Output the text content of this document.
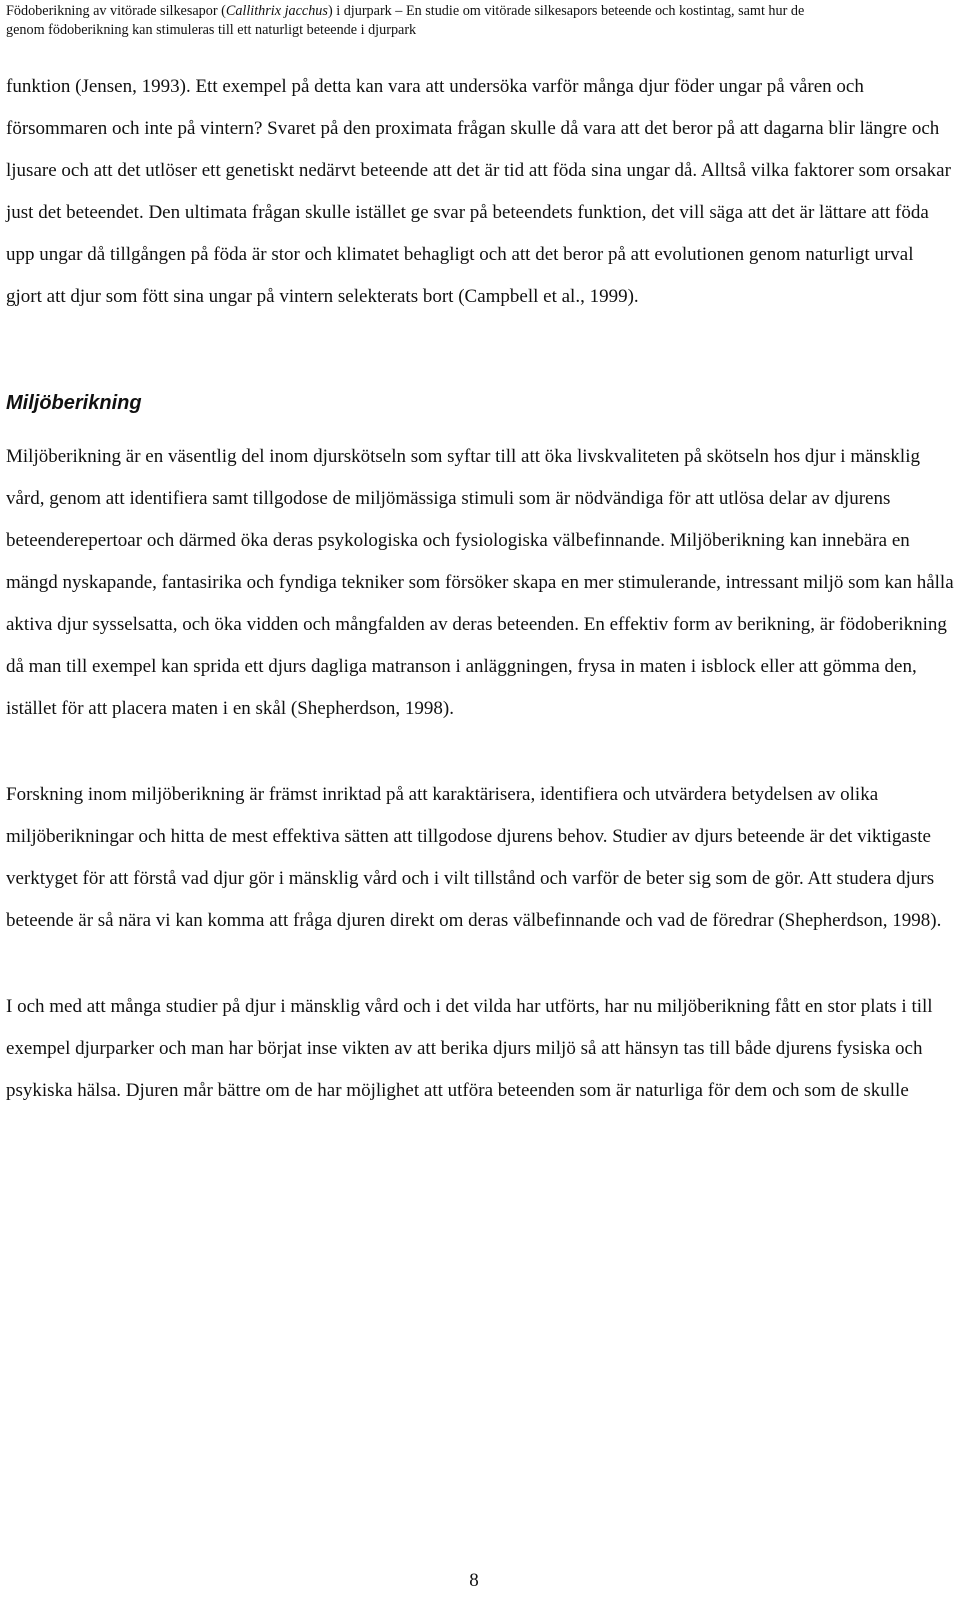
Födoberikning av vitörade silkesapor (Callithrix jacchus) i djurpark – En studie om vitörade silkesapors beteende och kostintag, samt hur de
genom födoberikning kan stimuleras till ett naturligt beteende i djurpark

funktion (Jensen, 1993). Ett exempel på detta kan vara att undersöka varför många djur föder ungar på våren och försommaren och inte på vintern? Svaret på den proximata frågan skulle då vara att det beror på att dagarna blir längre och ljusare och att det utlöser ett genetiskt nedärvt beteende att det är tid att föda sina ungar då. Alltså vilka faktorer som orsakar just det beteendet. Den ultimata frågan skulle istället ge svar på beteendets funktion, det vill säga att det är lättare att föda upp ungar då tillgången på föda är stor och klimatet behagligt och att det beror på att evolutionen genom naturligt urval gjort att djur som fött sina ungar på vintern selekterats bort (Campbell et al., 1999).

Miljöberikning

Miljöberikning är en väsentlig del inom djurskötseln som syftar till att öka livskvaliteten på skötseln hos djur i mänsklig vård, genom att identifiera samt tillgodose de miljömässiga stimuli som är nödvändiga för att utlösa delar av djurens beteenderepertoar och därmed öka deras psykologiska och fysiologiska välbefinnande. Miljöberikning kan innebära en mängd nyskapande, fantasirika och fyndiga tekniker som försöker skapa en mer stimulerande, intressant miljö som kan hålla aktiva djur sysselsatta, och öka vidden och mångfalden av deras beteenden. En effektiv form av berikning, är födoberikning då man till exempel kan sprida ett djurs dagliga matranson i anläggningen, frysa in maten i isblock eller att gömma den, istället för att placera maten i en skål (Shepherdson, 1998).

Forskning inom miljöberikning är främst inriktad på att karaktärisera, identifiera och utvärdera betydelsen av olika miljöberikningar och hitta de mest effektiva sätten att tillgodose djurens behov. Studier av djurs beteende är det viktigaste verktyget för att förstå vad djur gör i mänsklig vård och i vilt tillstånd och varför de beter sig som de gör. Att studera djurs beteende är så nära vi kan komma att fråga djuren direkt om deras välbefinnande och vad de föredrar (Shepherdson, 1998).

I och med att många studier på djur i mänsklig vård och i det vilda har utförts, har nu miljöberikning fått en stor plats i till exempel djurparker och man har börjat inse vikten av att berika djurs miljö så att hänsyn tas till både djurens fysiska och psykiska hälsa. Djuren mår bättre om de har möjlighet att utföra beteenden som är naturliga för dem och som de skulle

8
